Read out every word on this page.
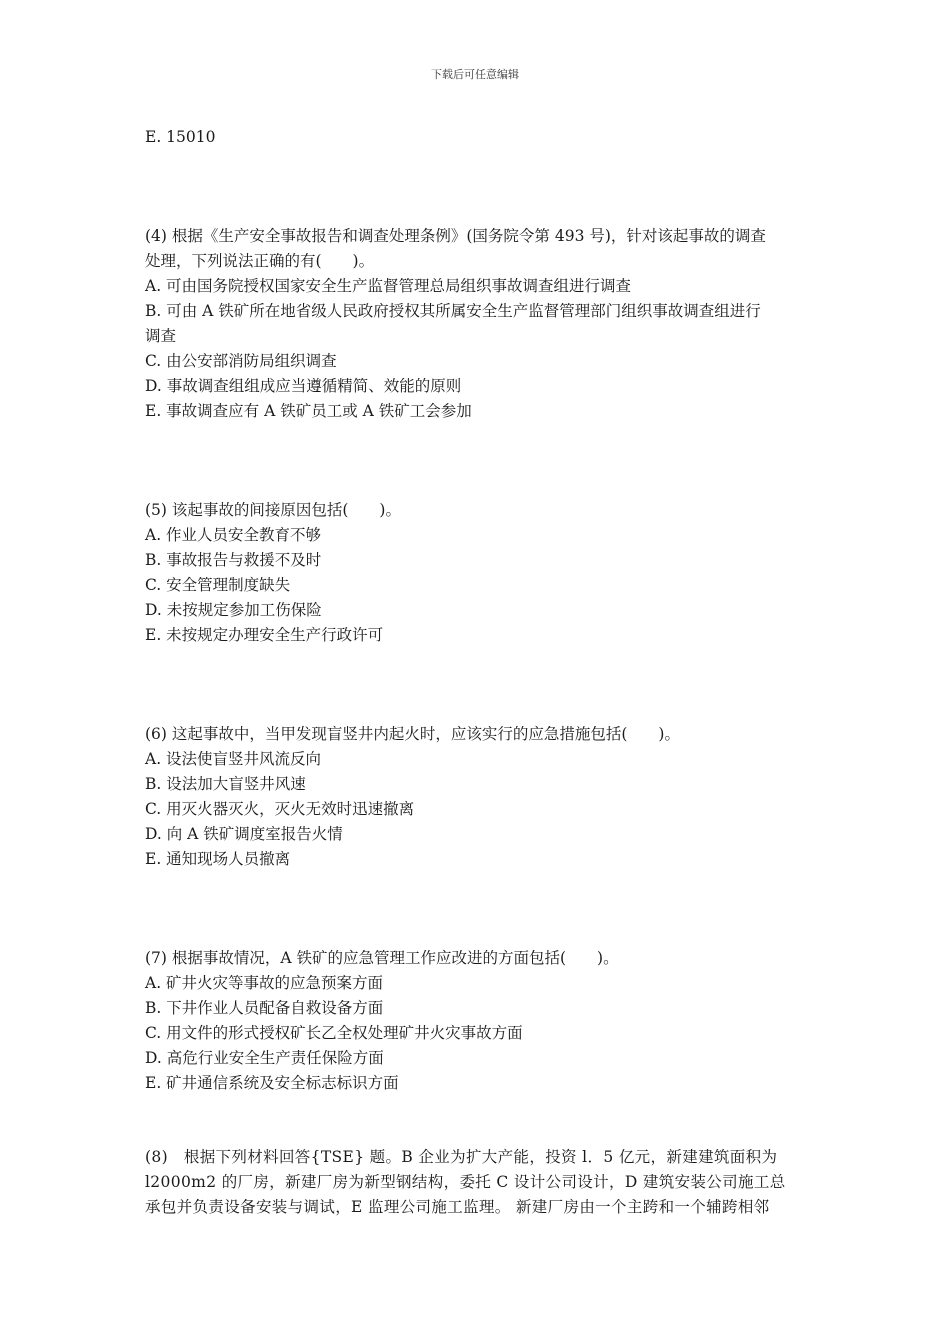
下载后可任意编辑
E. 15010
(4) 根据《生产安全事故报告和调查处理条例》(国务院令第 493 号)，针对该起事故的调查
处理，下列说法正确的有(　　)。
A. 可由国务院授权国家安全生产监督管理总局组织事故调查组进行调查
B. 可由 A 铁矿所在地省级人民政府授权其所属安全生产监督管理部门组织事故调查组进行
调查
C. 由公安部消防局组织调查
D. 事故调查组组成应当遵循精简、效能的原则
E. 事故调查应有 A 铁矿员工或 A 铁矿工会参加
(5) 该起事故的间接原因包括(　　)。
A. 作业人员安全教育不够
B. 事故报告与救援不及时
C. 安全管理制度缺失
D. 未按规定参加工伤保险
E. 未按规定办理安全生产行政许可
(6) 这起事故中，当甲发现盲竖井内起火时，应该实行的应急措施包括(　　)。
A. 设法使盲竖井风流反向
B. 设法加大盲竖井风速
C. 用灭火器灭火，灭火无效时迅速撤离
D. 向 A 铁矿调度室报告火情
E. 通知现场人员撤离
(7) 根据事故情况，A 铁矿的应急管理工作应改进的方面包括(　　)。
A. 矿井火灾等事故的应急预案方面
B. 下井作业人员配备自救设备方面
C. 用文件的形式授权矿长乙全权处理矿井火灾事故方面
D. 高危行业安全生产责任保险方面
E. 矿井通信系统及安全标志标识方面
(8)　根据下列材料回答{TSE} 题。B 企业为扩大产能，投资 l．5 亿元，新建建筑面积为
l2000m2 的厂房，新建厂房为新型钢结构，委托 C 设计公司设计，D 建筑安装公司施工总
承包并负责设备安装与调试，E 监理公司施工监理。 新建厂房由一个主跨和一个辅跨相邻
